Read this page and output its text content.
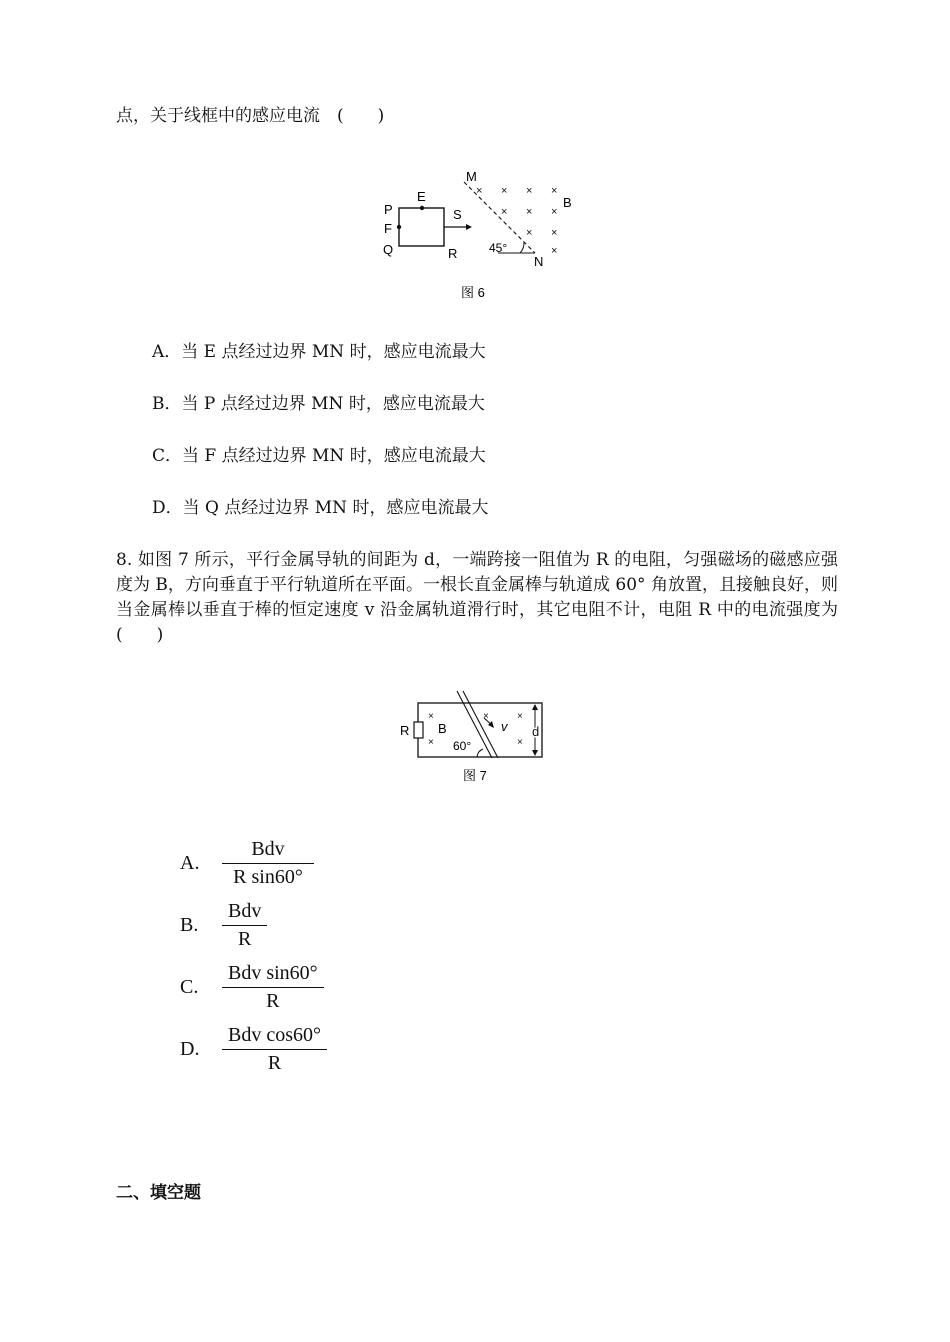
点，关于线框中的感应电流　(　　)
× × × ×
× × ×
× ×
×
M
E
P	S
B
F
Q	R	45°
N
图 6
A．当 E 点经过边界 MN 时，感应电流最大
B．当 P 点经过边界 MN 时，感应电流最大
C．当 F 点经过边界 MN 时，感应电流最大
D．当 Q 点经过边界 MN 时，感应电流最大
8. 如图 7 所示，平行金属导轨的间距为 d，一端跨接一阻值为 R 的电阻，匀强磁场的磁感应强度为 B，方向垂直于平行轨道所在平面。一根长直金属棒与轨道成 60° 角放置，且接触良好，则当金属棒以垂直于棒的恒定速度 v 沿金属轨道滑行时，其它电阻不计，电阻 R 中的电流强度为　(　　)
×
×
×	×
×
R B
60°
v d
图 7
A.	$\frac{\text{Bdv}}{\text{R sin60°}}$
B.	$\frac{\text{Bdv}}{R}$
C.	$\frac{\text{Bdv sin60°}}{R}$
D.	$\frac{\text{Bdv cos60°}}{R}$
二、填空题
